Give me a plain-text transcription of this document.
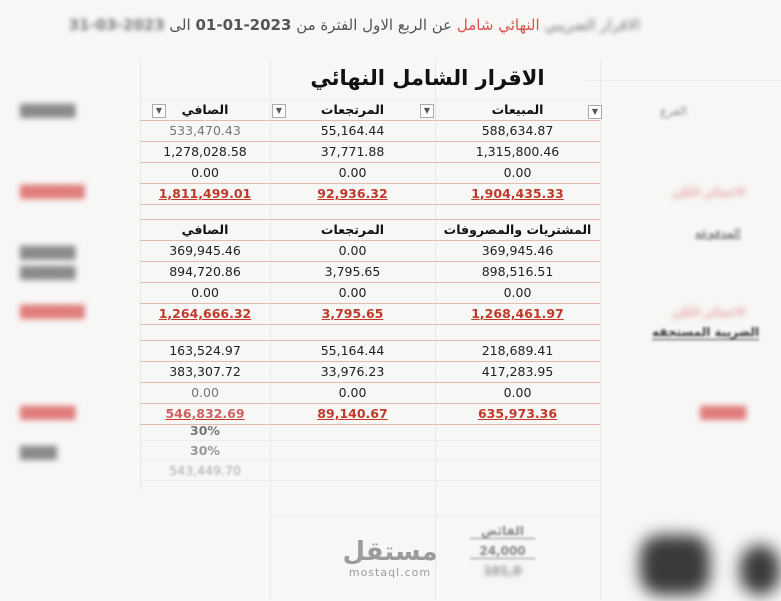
الاقرار الضريبي النهائي شامل عن الربع الاول الفترة من 2023-01-01 الى 2023-03-31
الاقرار الشامل النهائي
██████
███████
██████
██████
███████
██████
████
الفرع
▼
الاجمالي الكلي
المدفوعه
الاجمالي الكلي
الضريبة المستحقه
█████
الصافي	المرتجعات	المبيعات
▼	▼	▼
533,470.43	55,164.44	588,634.87
1,278,028.58	37,771.88	1,315,800.46
0.00	0.00	0.00
1,811,499.01	92,936.32	1,904,435.33
الصافي	المرتجعات	المشتريات والمصروفات
369,945.46	0.00	369,945.46
894,720.86	3,795.65	898,516.51
0.00	0.00	0.00
1,264,666.32	3,795.65	1,268,461.97
163,524.97	55,164.44	218,689.41
383,307.72	33,976.23	417,283.95
0.00	0.00	0.00
546,832.69	89,140.67	635,973.36
30%
30%
543,449.70
الفائض
24,000
101,0
مستقل
mostaql.com
